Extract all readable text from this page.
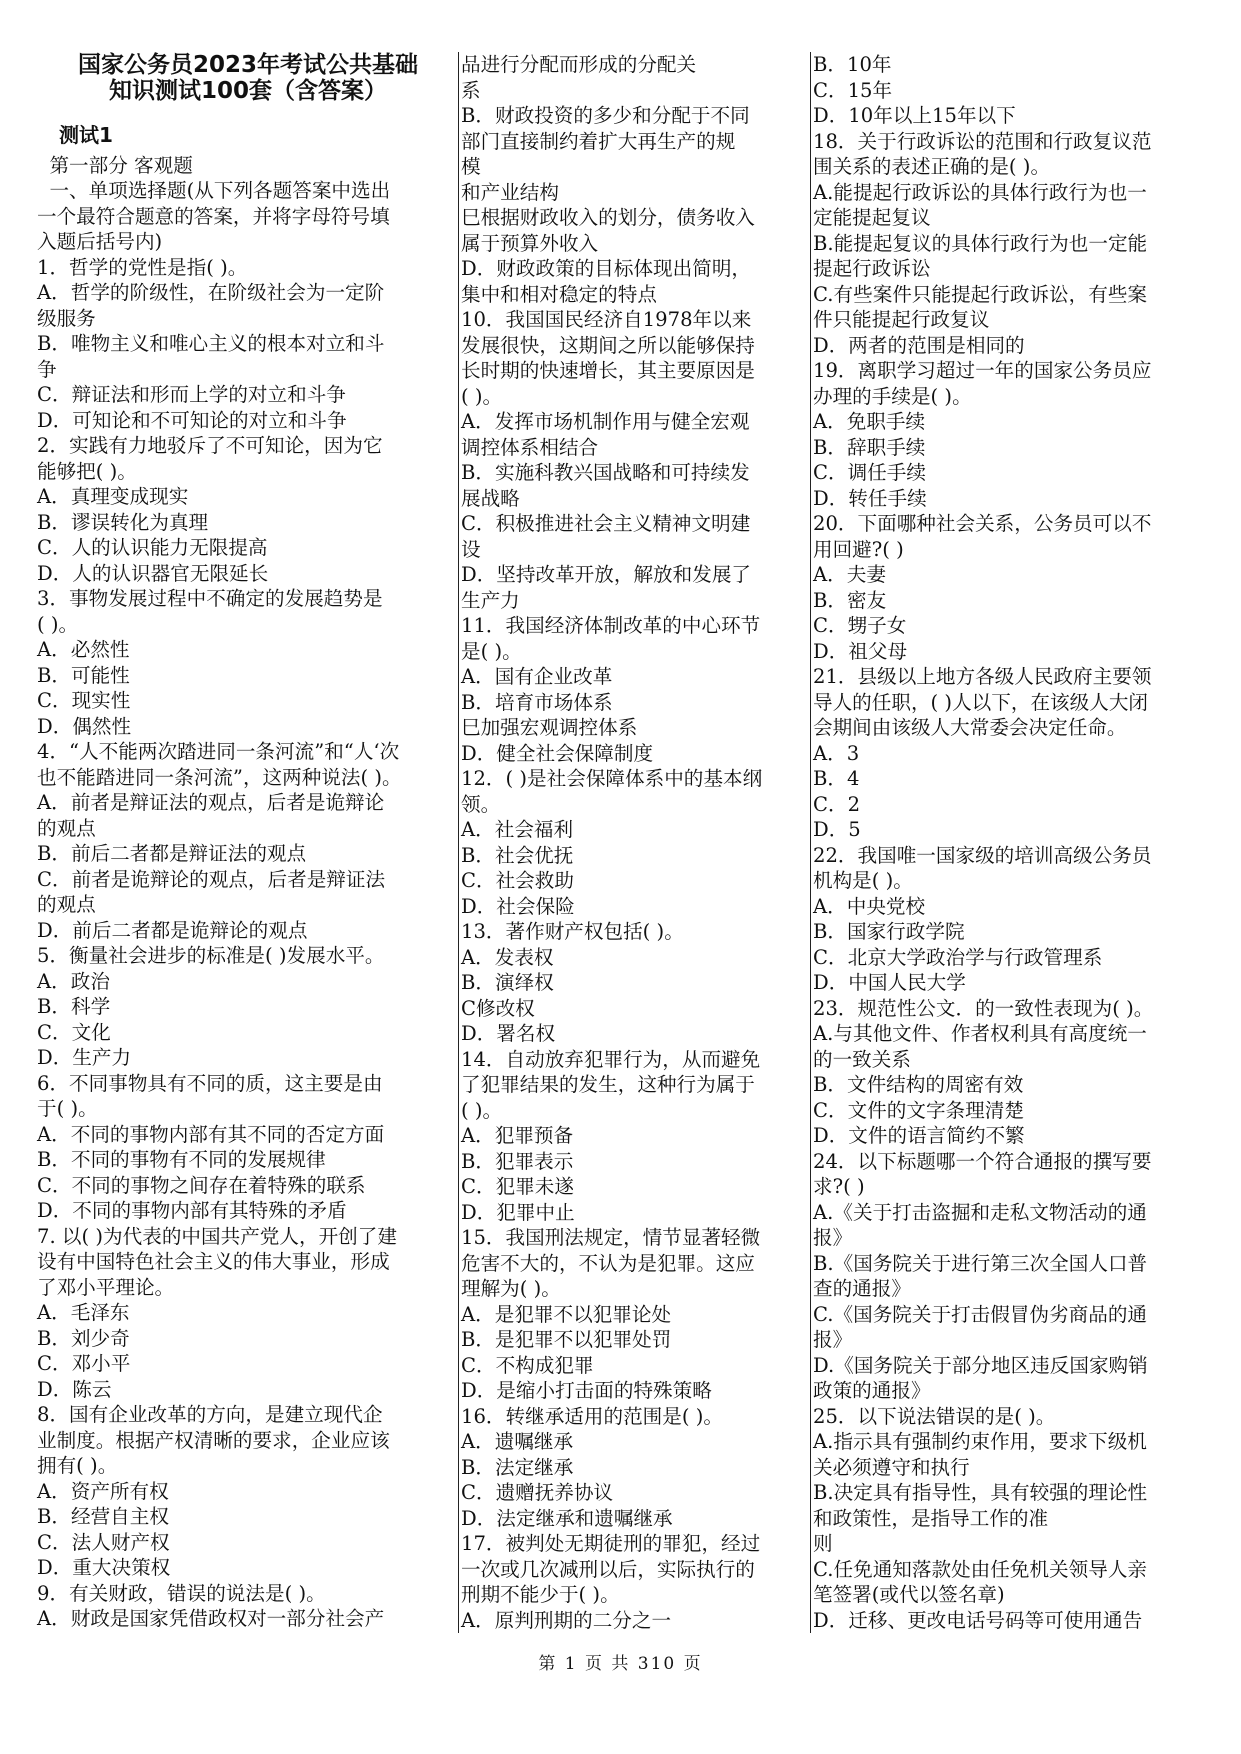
国家公务员2023年考试公共基础
知识测试100套（含答案）
测试1
第一部分 客观题
一、单项选择题(从下列各题答案中选出
一个最符合题意的答案，并将字母符号填
入题后括号内)
1．哲学的党性是指( )。
A．哲学的阶级性，在阶级社会为一定阶
级服务
B．唯物主义和唯心主义的根本对立和斗
争
C．辩证法和形而上学的对立和斗争
D．可知论和不可知论的对立和斗争
2．实践有力地驳斥了不可知论，因为它
能够把( )。
A．真理变成现实
B．谬误转化为真理
C．人的认识能力无限提高
D．人的认识器官无限延长
3．事物发展过程中不确定的发展趋势是
( )。
A．必然性
B．可能性
C．现实性
D．偶然性
4．“人不能两次踏进同一条河流”和“人‘次
也不能踏进同一条河流”，这两种说法( )。
A．前者是辩证法的观点，后者是诡辩论
的观点
B．前后二者都是辩证法的观点
C．前者是诡辩论的观点，后者是辩证法
的观点
D．前后二者都是诡辩论的观点
5．衡量社会进步的标准是( )发展水平。
A．政治
B．科学
C．文化
D．生产力
6．不同事物具有不同的质，这主要是由
于( )。
A．不同的事物内部有其不同的否定方面
B．不同的事物有不同的发展规律
C．不同的事物之间存在着特殊的联系
D．不同的事物内部有其特殊的矛盾
7. 以( )为代表的中国共产党人，开创了建
设有中国特色社会主义的伟大事业，形成
了邓小平理论。
A．毛泽东
B．刘少奇
C．邓小平
D．陈云
8．国有企业改革的方向，是建立现代企
业制度。根据产权清晰的要求，企业应该
拥有( )。
A．资产所有权
B．经营自主权
C．法人财产权
D．重大决策权
9．有关财政，错误的说法是( )。
A．财政是国家凭借政权对一部分社会产
品进行分配而形成的分配关
系
B．财政投资的多少和分配于不同
部门直接制约着扩大再生产的规
模
和产业结构
巳根据财政收入的划分，债务收入
属于预算外收入
D．财政政策的目标体现出简明，
集中和相对稳定的特点
10．我国国民经济自1978年以来
发展很快，这期间之所以能够保持
长时期的快速增长，其主要原因是
( )。
A．发挥市场机制作用与健全宏观
调控体系相结合
B．实施科教兴国战略和可持续发
展战略
C．积极推进社会主义精神文明建
设
D．坚持改革开放，解放和发展了
生产力
11．我国经济体制改革的中心环节
是( )。
A．国有企业改革
B．培育市场体系
巳加强宏观调控体系
D．健全社会保障制度
12．( )是社会保障体系中的基本纲
领。
A．社会福利
B．社会优抚
C．社会救助
D．社会保险
13．著作财产权包括( )。
A．发表权
B．演绎权
C修改权
D．署名权
14．自动放弃犯罪行为，从而避免
了犯罪结果的发生，这种行为属于
( )。
A．犯罪预备
B．犯罪表示
C．犯罪未遂
D．犯罪中止
15．我国刑法规定，情节显著轻微
危害不大的，不认为是犯罪。这应
理解为( )。
A．是犯罪不以犯罪论处
B．是犯罪不以犯罪处罚
C．不构成犯罪
D．是缩小打击面的特殊策略
16．转继承适用的范围是( )。
A．遗嘱继承
B．法定继承
C．遗赠抚养协议
D．法定继承和遗嘱继承
17．被判处无期徒刑的罪犯，经过
一次或几次减刑以后，实际执行的
刑期不能少于( )。
A．原判刑期的二分之一
B．10年
C．15年
D．10年以上15年以下
18．关于行政诉讼的范围和行政复议范
围关系的表述正确的是( )。
A.能提起行政诉讼的具体行政行为也一
定能提起复议
B.能提起复议的具体行政行为也一定能
提起行政诉讼
C.有些案件只能提起行政诉讼，有些案
件只能提起行政复议
D．两者的范围是相同的
19．离职学习超过一年的国家公务员应
办理的手续是( )。
A．免职手续
B．辞职手续
C．调任手续
D．转任手续
20．下面哪种社会关系，公务员可以不
用回避?( )
A．夫妻
B．密友
C．甥子女
D．祖父母
21．县级以上地方各级人民政府主要领
导人的任职，( )人以下，在该级人大闭
会期间由该级人大常委会决定任命。
A．3
B．4
C．2
D．5
22．我国唯一国家级的培训高级公务员
机构是( )。
A．中央党校
B．国家行政学院
C．北京大学政治学与行政管理系
D．中国人民大学
23．规范性公文．的一致性表现为( )。
A.与其他文件、作者权利具有高度统一
的一致关系
B．文件结构的周密有效
C．文件的文字条理清楚
D．文件的语言简约不繁
24．以下标题哪一个符合通报的撰写要
求?( )
A.《关于打击盗掘和走私文物活动的通
报》
B.《国务院关于进行第三次全国人口普
查的通报》
C.《国务院关于打击假冒伪劣商品的通
报》
D.《国务院关于部分地区违反国家购销
政策的通报》
25．以下说法错误的是( )。
A.指示具有强制约束作用，要求下级机
关必须遵守和执行
B.决定具有指导性，具有较强的理论性
和政策性，是指导工作的准
则
C.任免通知落款处由任免机关领导人亲
笔签署(或代以签名章)
D．迁移、更改电话号码等可使用通告
第 1 页 共 310 页
